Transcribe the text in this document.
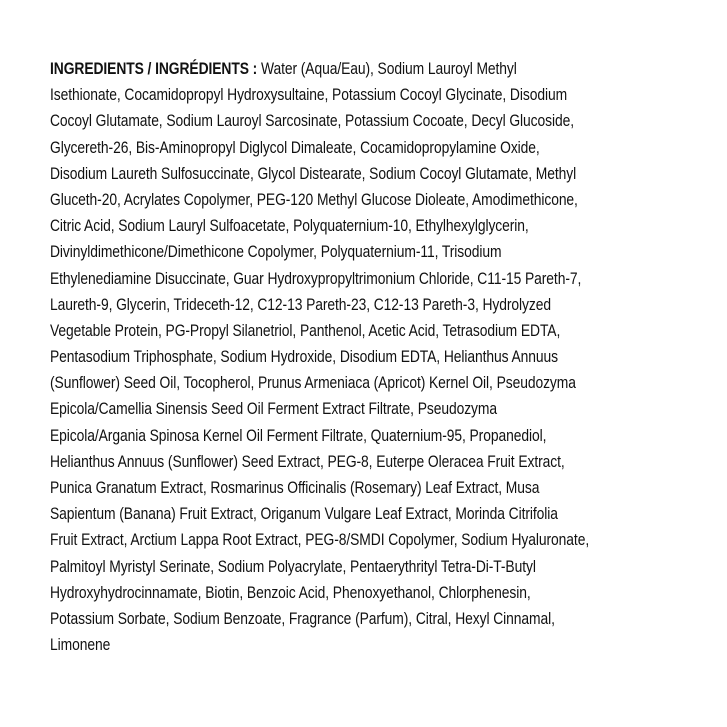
INGREDIENTS / INGRÉDIENTS : Water (Aqua/Eau), Sodium Lauroyl Methyl
Isethionate, Cocamidopropyl Hydroxysultaine, Potassium Cocoyl Glycinate, Disodium
Cocoyl Glutamate, Sodium Lauroyl Sarcosinate, Potassium Cocoate, Decyl Glucoside,
Glycereth-26, Bis-Aminopropyl Diglycol Dimaleate, Cocamidopropylamine Oxide,
Disodium Laureth Sulfosuccinate, Glycol Distearate, Sodium Cocoyl Glutamate, Methyl
Gluceth-20, Acrylates Copolymer, PEG-120 Methyl Glucose Dioleate, Amodimethicone,
Citric Acid, Sodium Lauryl Sulfoacetate, Polyquaternium-10, Ethylhexylglycerin,
Divinyldimethicone/Dimethicone Copolymer, Polyquaternium-11, Trisodium
Ethylenediamine Disuccinate, Guar Hydroxypropyltrimonium Chloride, C11-15 Pareth-7,
Laureth-9, Glycerin, Trideceth-12, C12-13 Pareth-23, C12-13 Pareth-3, Hydrolyzed
Vegetable Protein, PG-Propyl Silanetriol, Panthenol, Acetic Acid, Tetrasodium EDTA,
Pentasodium Triphosphate, Sodium Hydroxide, Disodium EDTA, Helianthus Annuus
(Sunflower) Seed Oil, Tocopherol, Prunus Armeniaca (Apricot) Kernel Oil, Pseudozyma
Epicola/Camellia Sinensis Seed Oil Ferment Extract Filtrate, Pseudozyma
Epicola/Argania Spinosa Kernel Oil Ferment Filtrate, Quaternium-95, Propanediol,
Helianthus Annuus (Sunflower) Seed Extract, PEG-8, Euterpe Oleracea Fruit Extract,
Punica Granatum Extract, Rosmarinus Officinalis (Rosemary) Leaf Extract, Musa
Sapientum (Banana) Fruit Extract, Origanum Vulgare Leaf Extract, Morinda Citrifolia
Fruit Extract, Arctium Lappa Root Extract, PEG-8/SMDI Copolymer, Sodium Hyaluronate,
Palmitoyl Myristyl Serinate, Sodium Polyacrylate, Pentaerythrityl Tetra-Di-T-Butyl
Hydroxyhydrocinnamate, Biotin, Benzoic Acid, Phenoxyethanol, Chlorphenesin,
Potassium Sorbate, Sodium Benzoate, Fragrance (Parfum), Citral, Hexyl Cinnamal,
Limonene
